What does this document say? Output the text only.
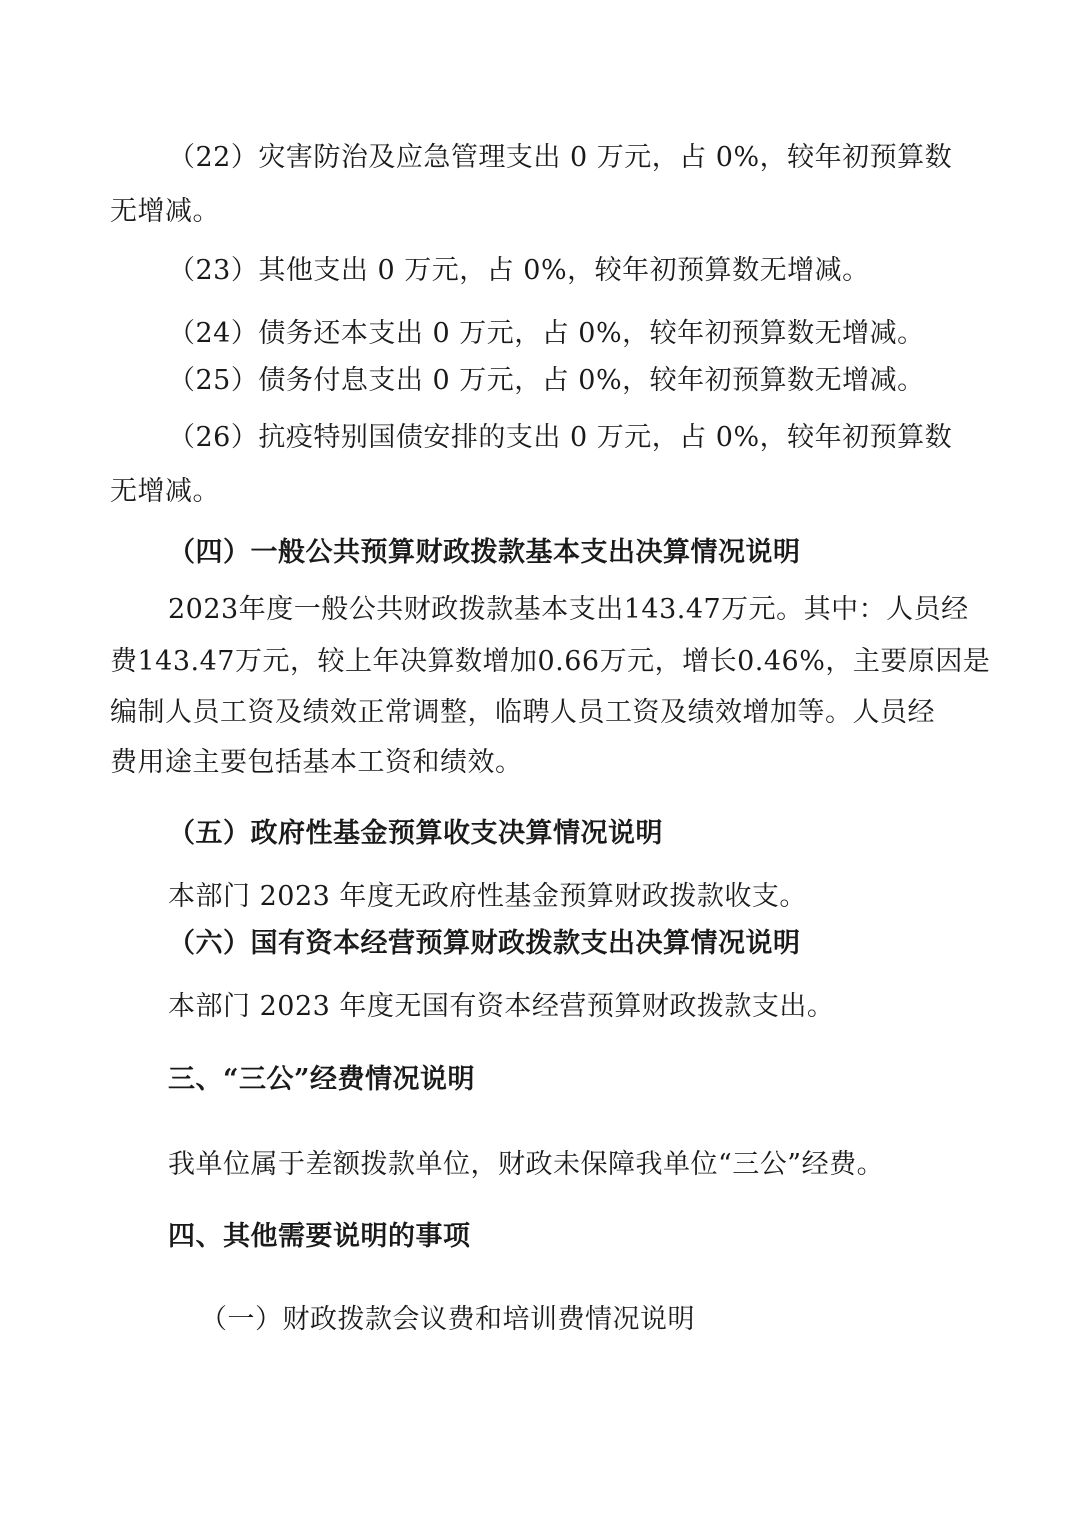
（22）灾害防治及应急管理支出 0 万元，占 0%，较年初预算数

无增减。

（23）其他支出 0 万元，占 0%，较年初预算数无增减。

（24）债务还本支出 0 万元，占 0%，较年初预算数无增减。

（25）债务付息支出 0 万元，占 0%，较年初预算数无增减。

（26）抗疫特别国债安排的支出 0 万元，占 0%，较年初预算数

无增减。

（四）一般公共预算财政拨款基本支出决算情况说明

2023年度一般公共财政拨款基本支出143.47万元。其中：人员经

费143.47万元，较上年决算数增加0.66万元，增长0.46%，主要原因是

编制人员工资及绩效正常调整，临聘人员工资及绩效增加等。人员经

费用途主要包括基本工资和绩效。

（五）政府性基金预算收支决算情况说明

本部门 2023 年度无政府性基金预算财政拨款收支。

（六）国有资本经营预算财政拨款支出决算情况说明

本部门 2023 年度无国有资本经营预算财政拨款支出。

三、“三公”经费情况说明

我单位属于差额拨款单位，财政未保障我单位“三公”经费。

四、其他需要说明的事项

（一）财政拨款会议费和培训费情况说明
